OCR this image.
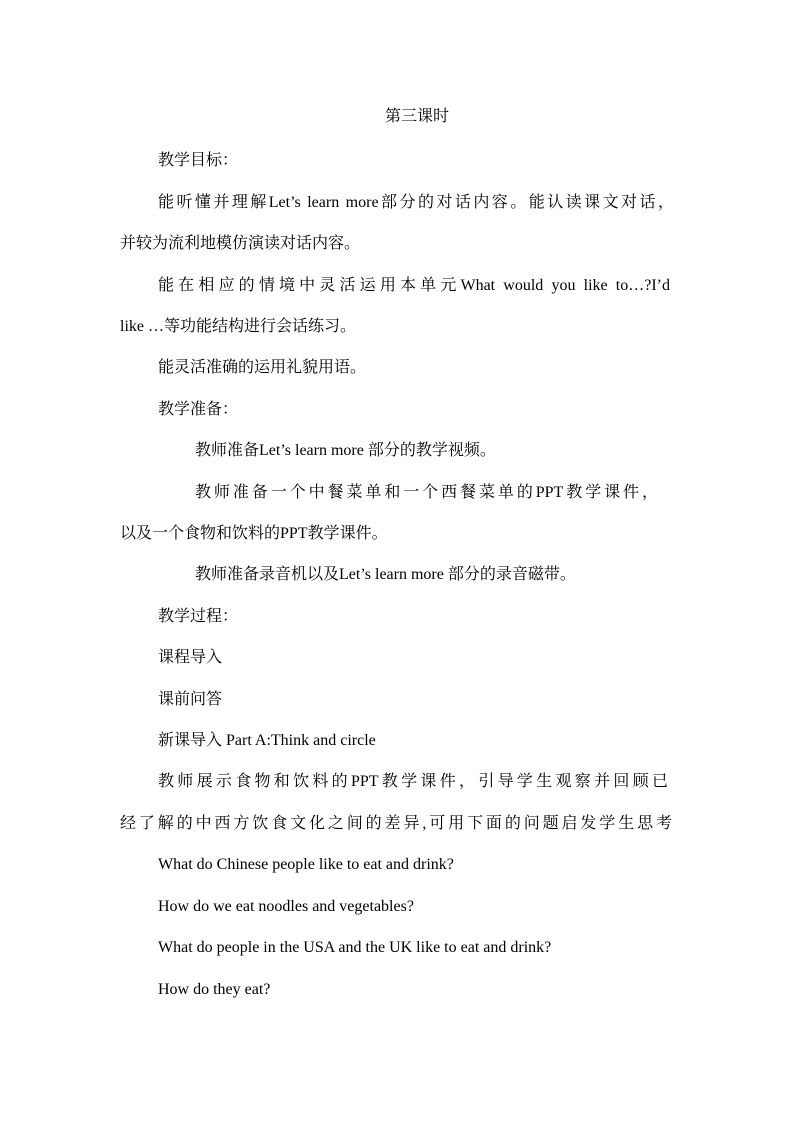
第三课时
教学目标：
能听懂并理解Let’s learn more部分的对话内容。能认读课文对话，
并较为流利地模仿演读对话内容。
能在相应的情境中灵活运用本单元What would you like to…?I’d
like …等功能结构进行会话练习。
能灵活准确的运用礼貌用语。
教学准备：
教师准备Let’s learn more 部分的教学视频。
教师准备一个中餐菜单和一个西餐菜单的PPT教学课件，
以及一个食物和饮料的PPT教学课件。
教师准备录音机以及Let’s learn more 部分的录音磁带。
教学过程：
课程导入
课前问答
新课导入 Part A:Think and circle
教师展示食物和饮料的PPT教学课件，引导学生观察并回顾已
经了解的中西方饮食文化之间的差异,可用下面的问题启发学生思考
What do Chinese people like to eat and drink?
How do we eat noodles and vegetables?
What do people in the USA and the UK like to eat and drink?
How do they eat?
